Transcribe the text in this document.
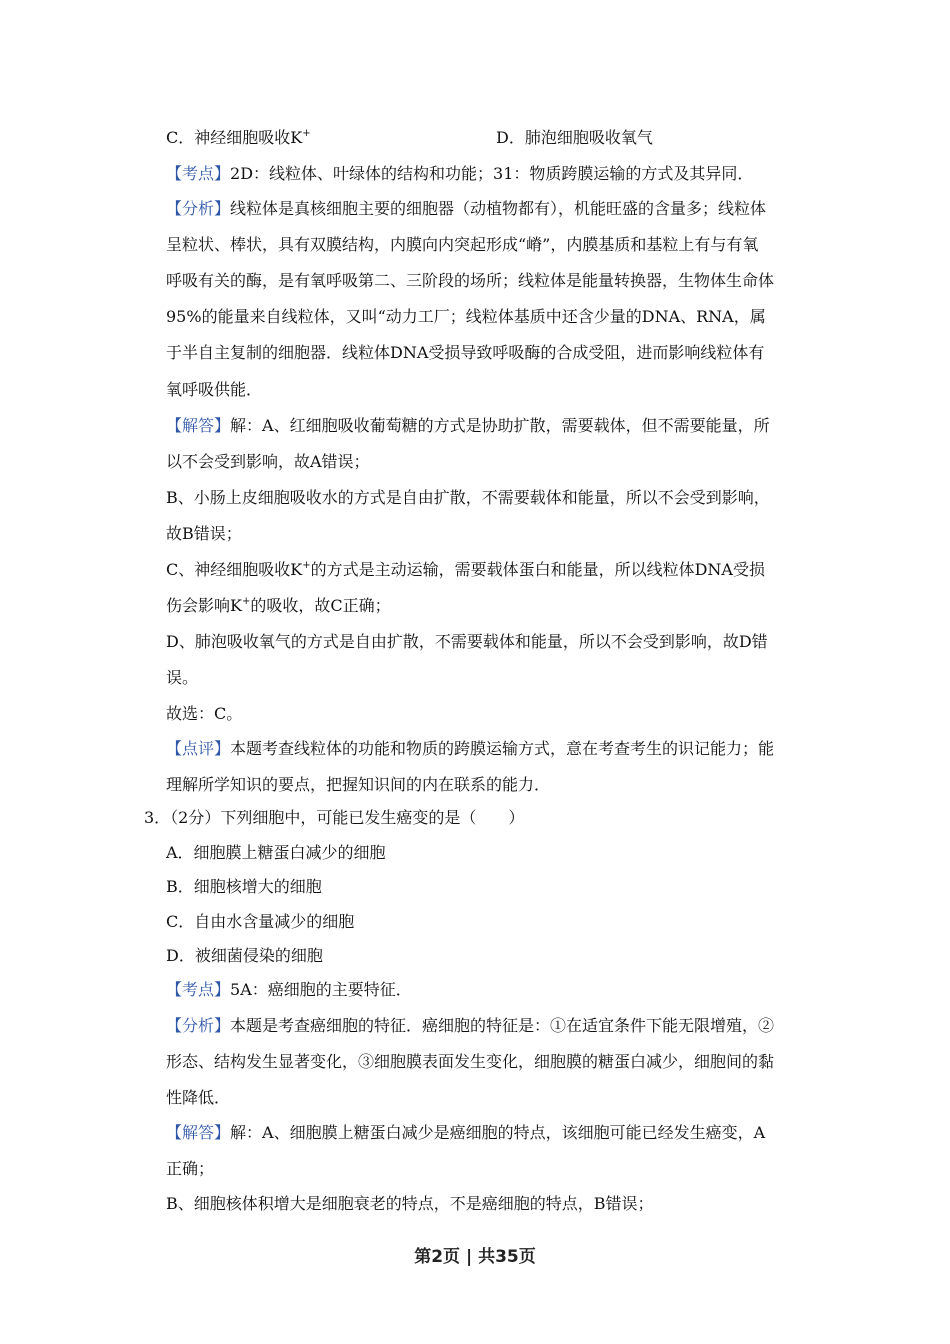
C．神经细胞吸收K+	D．肺泡细胞吸收氧气
【考点】2D：线粒体、叶绿体的结构和功能；31：物质跨膜运输的方式及其异同．
【分析】线粒体是真核细胞主要的细胞器（动植物都有），机能旺盛的含量多；线粒体
呈粒状、棒状，具有双膜结构，内膜向内突起形成“嵴”，内膜基质和基粒上有与有氧
呼吸有关的酶，是有氧呼吸第二、三阶段的场所；线粒体是能量转换器，生物体生命体
95%的能量来自线粒体，又叫“动力工厂；线粒体基质中还含少量的DNA、RNA，属
于半自主复制的细胞器．线粒体DNA受损导致呼吸酶的合成受阻，进而影响线粒体有
氧呼吸供能．
【解答】解：A、红细胞吸收葡萄糖的方式是协助扩散，需要载体，但不需要能量，所
以不会受到影响，故A错误；
B、小肠上皮细胞吸收水的方式是自由扩散，不需要载体和能量，所以不会受到影响，
故B错误；
C、神经细胞吸收K+的方式是主动运输，需要载体蛋白和能量，所以线粒体DNA受损
伤会影响K+的吸收，故C正确；
D、肺泡吸收氧气的方式是自由扩散，不需要载体和能量，所以不会受到影响，故D错
误。
故选：C。
【点评】本题考查线粒体的功能和物质的跨膜运输方式，意在考查考生的识记能力；能
理解所学知识的要点，把握知识间的内在联系的能力．
3．（2分）下列细胞中，可能已发生癌变的是（　　）
A．细胞膜上糖蛋白减少的细胞
B．细胞核增大的细胞
C．自由水含量减少的细胞
D．被细菌侵染的细胞
【考点】5A：癌细胞的主要特征．
【分析】本题是考查癌细胞的特征．癌细胞的特征是：①在适宜条件下能无限增殖，②
形态、结构发生显著变化，③细胞膜表面发生变化，细胞膜的糖蛋白减少，细胞间的黏
性降低．
【解答】解：A、细胞膜上糖蛋白减少是癌细胞的特点，该细胞可能已经发生癌变，A
正确；
B、细胞核体积增大是细胞衰老的特点，不是癌细胞的特点，B错误；
第2页 | 共35页
